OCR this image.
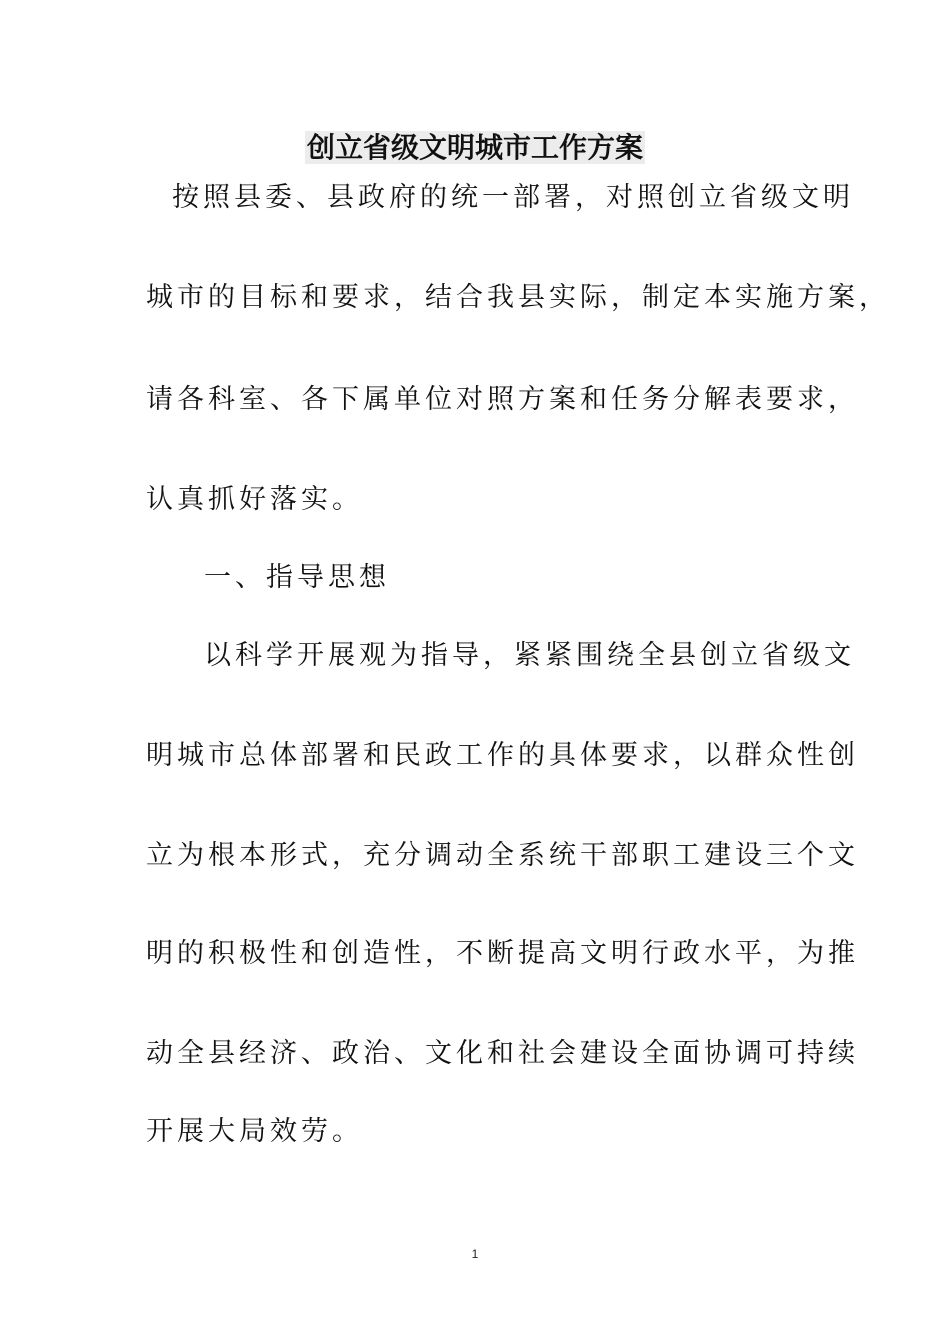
创立省级文明城市工作方案
按照县委、县政府的统一部署，对照创立省级文明
城市的目标和要求，结合我县实际，制定本实施方案，
请各科室、各下属单位对照方案和任务分解表要求，
认真抓好落实。
一、指导思想
以科学开展观为指导，紧紧围绕全县创立省级文
明城市总体部署和民政工作的具体要求，以群众性创
立为根本形式，充分调动全系统干部职工建设三个文
明的积极性和创造性，不断提高文明行政水平，为推
动全县经济、政治、文化和社会建设全面协调可持续
开展大局效劳。
1
